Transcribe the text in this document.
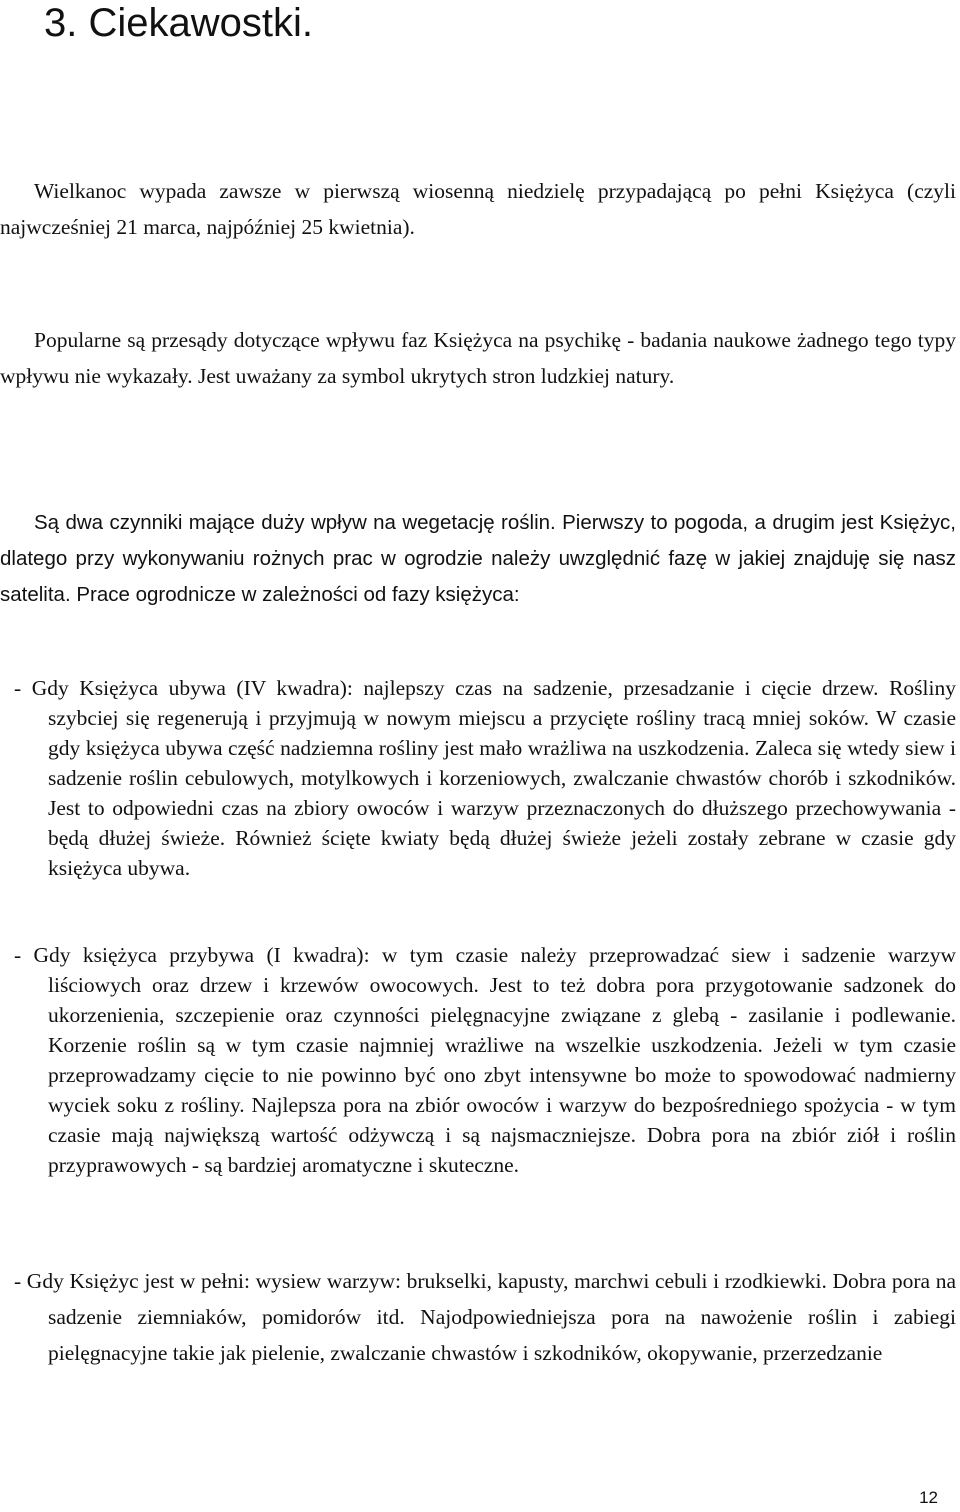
3. Ciekawostki.

Wielkanoc wypada zawsze w pierwszą wiosenną niedzielę przypadającą po pełni Księżyca (czyli najwcześniej 21 marca, najpóźniej 25 kwietnia).

Popularne są przesądy dotyczące wpływu faz Księżyca na psychikę - badania naukowe żadnego tego typy wpływu nie wykazały. Jest uważany za symbol ukrytych stron ludzkiej natury.

Są dwa czynniki mające duży wpływ na wegetację roślin. Pierwszy to pogoda, a drugim jest Księżyc, dlatego przy wykonywaniu rożnych prac w ogrodzie należy uwzględnić fazę w jakiej znajduję się nasz satelita. Prace ogrodnicze w zależności od fazy księżyca:

- Gdy Księżyca ubywa (IV kwadra): najlepszy czas na sadzenie, przesadzanie i cięcie drzew. Rośliny szybciej się regenerują i przyjmują w nowym miejscu a przycięte rośliny tracą mniej soków. W czasie gdy księżyca ubywa część nadziemna rośliny jest mało wrażliwa na uszkodzenia. Zaleca się wtedy siew i sadzenie roślin cebulowych, motylkowych i korzeniowych, zwalczanie chwastów chorób i szkodników. Jest to odpowiedni czas na zbiory owoców i warzyw przeznaczonych do dłuższego przechowywania - będą dłużej świeże. Również ścięte kwiaty będą dłużej świeże jeżeli zostały zebrane w czasie gdy księżyca ubywa.

- Gdy księżyca przybywa (I kwadra): w tym czasie należy przeprowadzać siew i sadzenie warzyw liściowych oraz drzew i krzewów owocowych. Jest to też dobra pora przygotowanie sadzonek do ukorzenienia, szczepienie oraz czynności pielęgnacyjne związane z glebą - zasilanie i podlewanie. Korzenie roślin są w tym czasie najmniej wrażliwe na wszelkie uszkodzenia. Jeżeli w tym czasie przeprowadzamy cięcie to nie powinno być ono zbyt intensywne bo może to spowodować nadmierny wyciek soku z rośliny. Najlepsza pora na zbiór owoców i warzyw do bezpośredniego spożycia - w tym czasie mają największą wartość odżywczą i są najsmaczniejsze. Dobra pora na zbiór ziół i roślin przyprawowych - są bardziej aromatyczne i skuteczne.

- Gdy Księżyc jest w pełni: wysiew warzyw: brukselki, kapusty, marchwi cebuli i rzodkiewki. Dobra pora na sadzenie ziemniaków, pomidorów itd. Najodpowiedniejsza pora na nawożenie roślin i zabiegi pielęgnacyjne takie jak pielenie, zwalczanie chwastów i szkodników, okopywanie, przerzedzanie

12
